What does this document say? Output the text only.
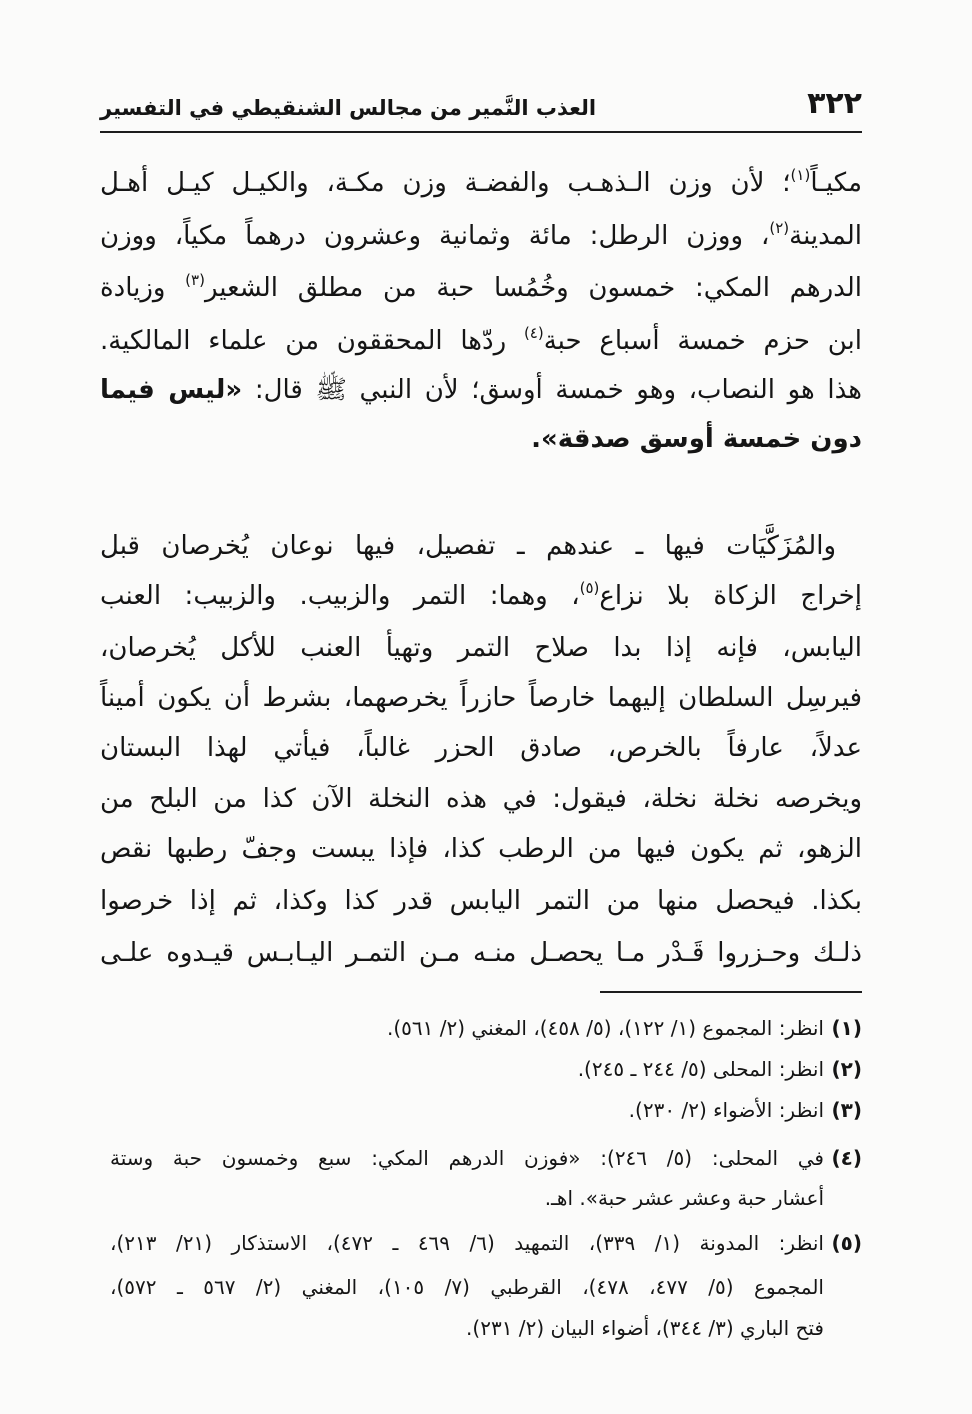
٣٢٢
العذب النَّمير من مجالس الشنقيطي في التفسير
مكيـاً$^{(١)}$؛ لأن وزن الـذهـب والفضـة وزن مكـة، والكيـل كيـل أهـل
المدينة$^{(٢)}$، ووزن الرطل: مائة وثمانية وعشرون درهماً مكياً، ووزن
الدرهم المكي: خمسون وخُمُسا حبة من مطلق الشعير$^{(٣)}$ وزيادة
ابن حزم خمسة أسباع حبة$^{(٤)}$ ردّها المحققون من علماء المالكية.
هذا هو النصاب، وهو خمسة أوسق؛ لأن النبي ﷺ قال: «ليس فيما
دون خمسة أوسق صدقة».
والمُزَكَّيَات فيها ـ عندهم ـ تفصيل، فيها نوعان يُخرصان قبل
إخراج الزكاة بلا نزاع$^{(٥)}$، وهما: التمر والزبيب. والزبيب: العنب
اليابس، فإنه إذا بدا صلاح التمر وتهيأ العنب للأكل يُخرصان،
فيرسِل السلطان إليهما خارصاً حازراً يخرصهما، بشرط أن يكون أميناً
عدلاً، عارفاً بالخرص، صادق الحزر غالباً، فيأتي لهذا البستان
ويخرصه نخلة نخلة، فيقول: في هذه النخلة الآن كذا من البلح من
الزهو، ثم يكون فيها من الرطب كذا، فإذا يبست وجفّ رطبها نقص
بكذا. فيحصل منها من التمر اليابس قدر كذا وكذا، ثم إذا خرصوا
ذلـك وحـزروا قَـدْر مـا يحصـل منـه مـن التمـر اليـابـس قيـدوه علـى
(١)
انظر: المجموع (١/ ١٢٢)، (٥/ ٤٥٨)، المغني (٢/ ٥٦١).
(٢)
انظر: المحلى (٥/ ٢٤٤ ـ ٢٤٥).
(٣)
انظر: الأضواء (٢/ ٢٣٠).
(٤)
في المحلى: (٥/ ٢٤٦): «فوزن الدرهم المكي: سبع وخمسون حبة وستة
أعشار حبة وعشر عشر حبة». اهـ.
(٥)
انظر: المدونة (١/ ٣٣٩)، التمهيد (٦/ ٤٦٩ ـ ٤٧٢)، الاستذكار (٢١/ ٢١٣)،
المجموع (٥/ ٤٧٧، ٤٧٨)، القرطبي (٧/ ١٠٥)، المغني (٢/ ٥٦٧ ـ ٥٧٢)،
فتح الباري (٣/ ٣٤٤)، أضواء البيان (٢/ ٢٣١).
